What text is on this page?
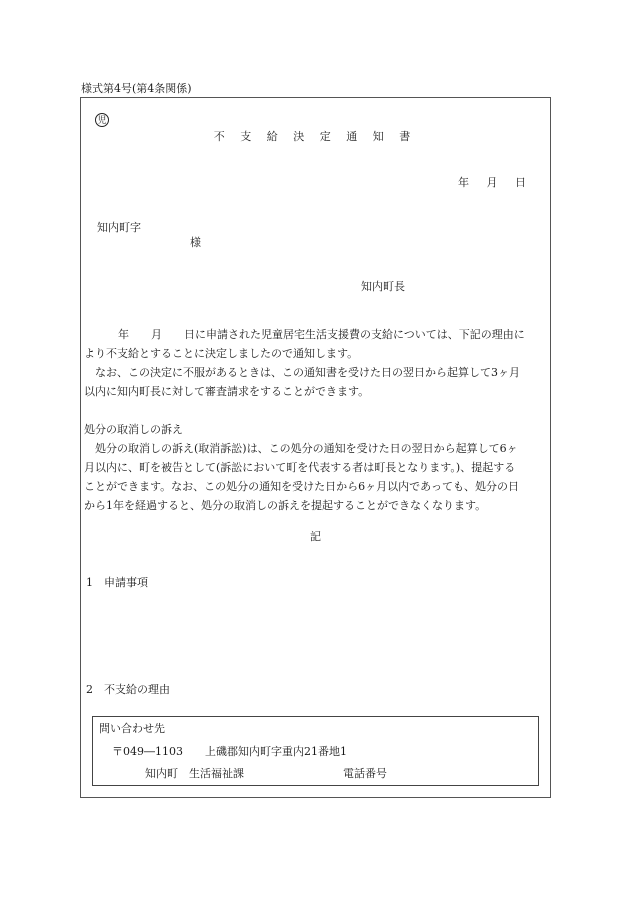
様式第4号(第4条関係)
児
不 支 給 決 定 通 知 書
年 月 日
知内町字
様
知内町長
年　　月　　日に申請された児童居宅生活支援費の支給については、下記の理由に
より不支給とすることに決定しましたので通知します。
なお、この決定に不服があるときは、この通知書を受けた日の翌日から起算して3ヶ月
以内に知内町長に対して審査請求をすることができます。
処分の取消しの訴え
処分の取消しの訴え(取消訴訟)は、この処分の通知を受けた日の翌日から起算して6ヶ
月以内に、町を被告として(訴訟において町を代表する者は町長となります。)、提起する
ことができます。なお、この処分の通知を受けた日から6ヶ月以内であっても、処分の日
から1年を経過すると、処分の取消しの訴えを提起することができなくなります。
記
1　申請事項
2　不支給の理由
問い合わせ先
〒049―1103　　上磯郡知内町字重内21番地1
知内町　生活福祉課	電話番号
